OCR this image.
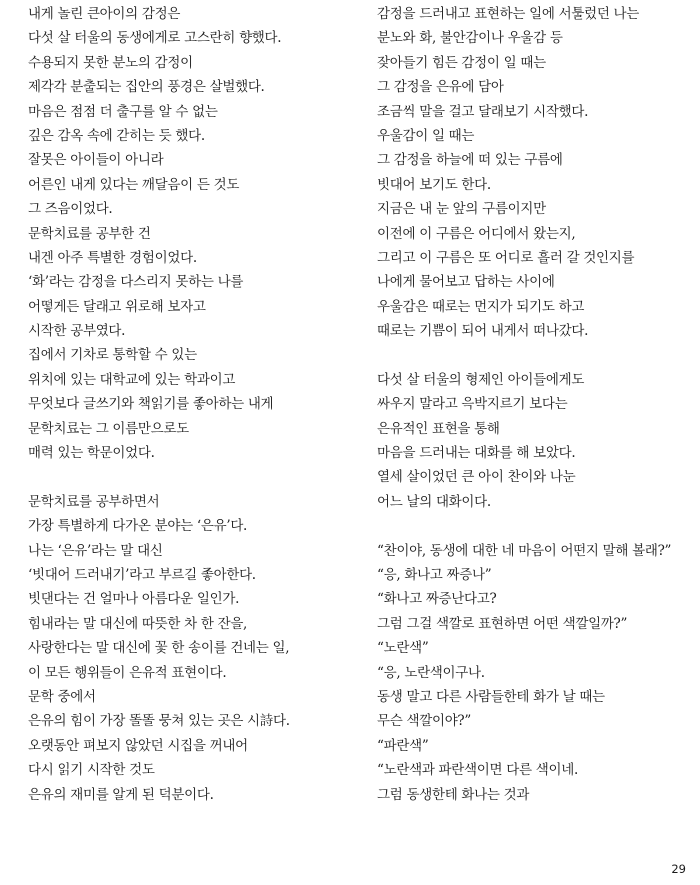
내게 놀린 큰아이의 감정은
다섯 살 터울의 동생에게로 고스란히 향했다.
수용되지 못한 분노의 감정이
제각각 분출되는 집안의 풍경은 살벌했다.
마음은 점점 더 출구를 알 수 없는
깊은 감옥 속에 갇히는 듯 했다.
잘못은 아이들이 아니라
어른인 내게 있다는 깨달음이 든 것도
그 즈음이었다.
문학치료를 공부한 건
내겐 아주 특별한 경험이었다.
‘화’라는 감정을 다스리지 못하는 나를
어떻게든 달래고 위로해 보자고
시작한 공부였다.
집에서 기차로 통학할 수 있는
위치에 있는 대학교에 있는 학과이고
무엇보다 글쓰기와 책읽기를 좋아하는 내게
문학치료는 그 이름만으로도
매력 있는 학문이었다.
문학치료를 공부하면서
가장 특별하게 다가온 분야는 ‘은유’다.
나는 ‘은유’라는 말 대신
‘빗대어 드러내기’라고 부르길 좋아한다.
빗댄다는 건 얼마나 아름다운 일인가.
힘내라는 말 대신에 따뜻한 차 한 잔을,
사랑한다는 말 대신에 꽃 한 송이를 건네는 일,
이 모든 행위들이 은유적 표현이다.
문학 중에서
은유의 힘이 가장 똘똘 뭉쳐 있는 곳은 시詩다.
오랫동안 펴보지 않았던 시집을 꺼내어
다시 읽기 시작한 것도
은유의 재미를 알게 된 덕분이다.
감정을 드러내고 표현하는 일에 서툴렀던 나는
분노와 화, 불안감이나 우울감 등
잦아들기 힘든 감정이 일 때는
그 감정을 은유에 담아
조금씩 말을 걸고 달래보기 시작했다.
우울감이 일 때는
그 감정을 하늘에 떠 있는 구름에
빗대어 보기도 한다.
지금은 내 눈 앞의 구름이지만
이전에 이 구름은 어디에서 왔는지,
그리고 이 구름은 또 어디로 흘러 갈 것인지를
나에게 물어보고 답하는 사이에
우울감은 때로는 먼지가 되기도 하고
때로는 기쁨이 되어 내게서 떠나갔다.
다섯 살 터울의 형제인 아이들에게도
싸우지 말라고 윽박지르기 보다는
은유적인 표현을 통해
마음을 드러내는 대화를 해 보았다.
열세 살이었던 큰 아이 찬이와 나눈
어느 날의 대화이다.
“찬이야, 동생에 대한 네 마음이 어떤지 말해 볼래?”
“응, 화나고 짜증나”
“화나고 짜증난다고?
그럼 그걸 색깔로 표현하면 어떤 색깔일까?”
“노란색”
“응, 노란색이구나.
동생 말고 다른 사람들한테 화가 날 때는
무슨 색깔이야?”
“파란색”
“노란색과 파란색이면 다른 색이네.
그럼 동생한테 화나는 것과
29
